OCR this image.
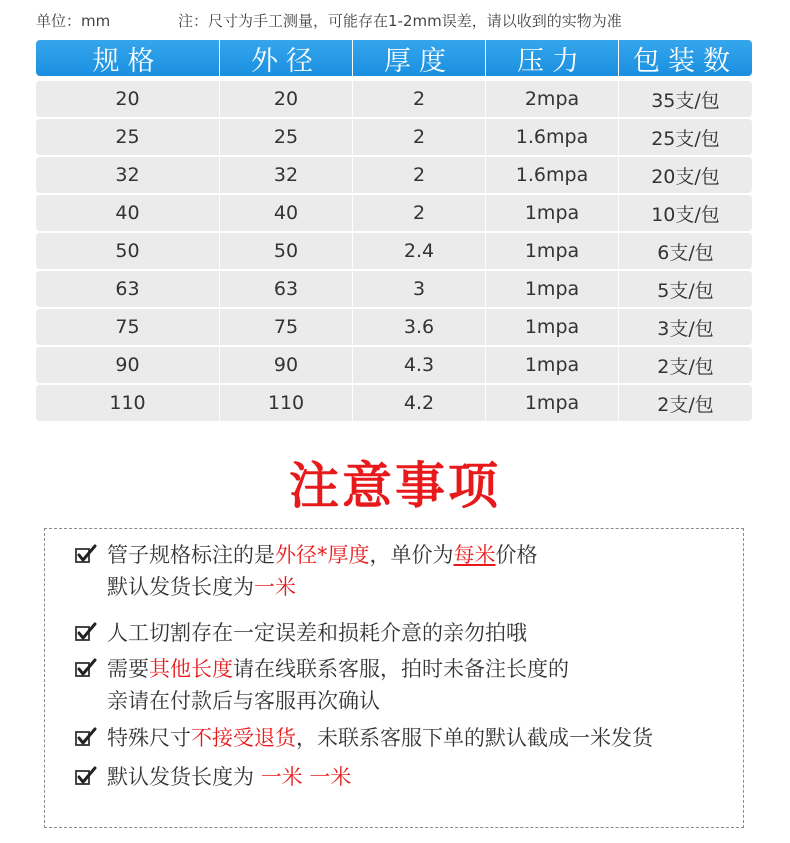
单位：mm	注：尺寸为手工测量，可能存在1-2mm误差，请以收到的实物为准
规格	外径	厚度	压力	包装数
20	20	2	2mpa	35支/包
25	25	2	1.6mpa	25支/包
32	32	2	1.6mpa	20支/包
40	40	2	1mpa	10支/包
50	50	2.4	1mpa	6支/包
63	63	3	1mpa	5支/包
75	75	3.6	1mpa	3支/包
90	90	4.3	1mpa	2支/包
110	110	4.2	1mpa	2支/包
注意事项
管子规格标注的是外径*厚度，单价为每米价格
默认发货长度为一米
人工切割存在一定误差和损耗介意的亲勿拍哦
需要其他长度请在线联系客服，拍时未备注长度的
亲请在付款后与客服再次确认
特殊尺寸不接受退货，未联系客服下单的默认截成一米发货
默认发货长度为 一米 一米
